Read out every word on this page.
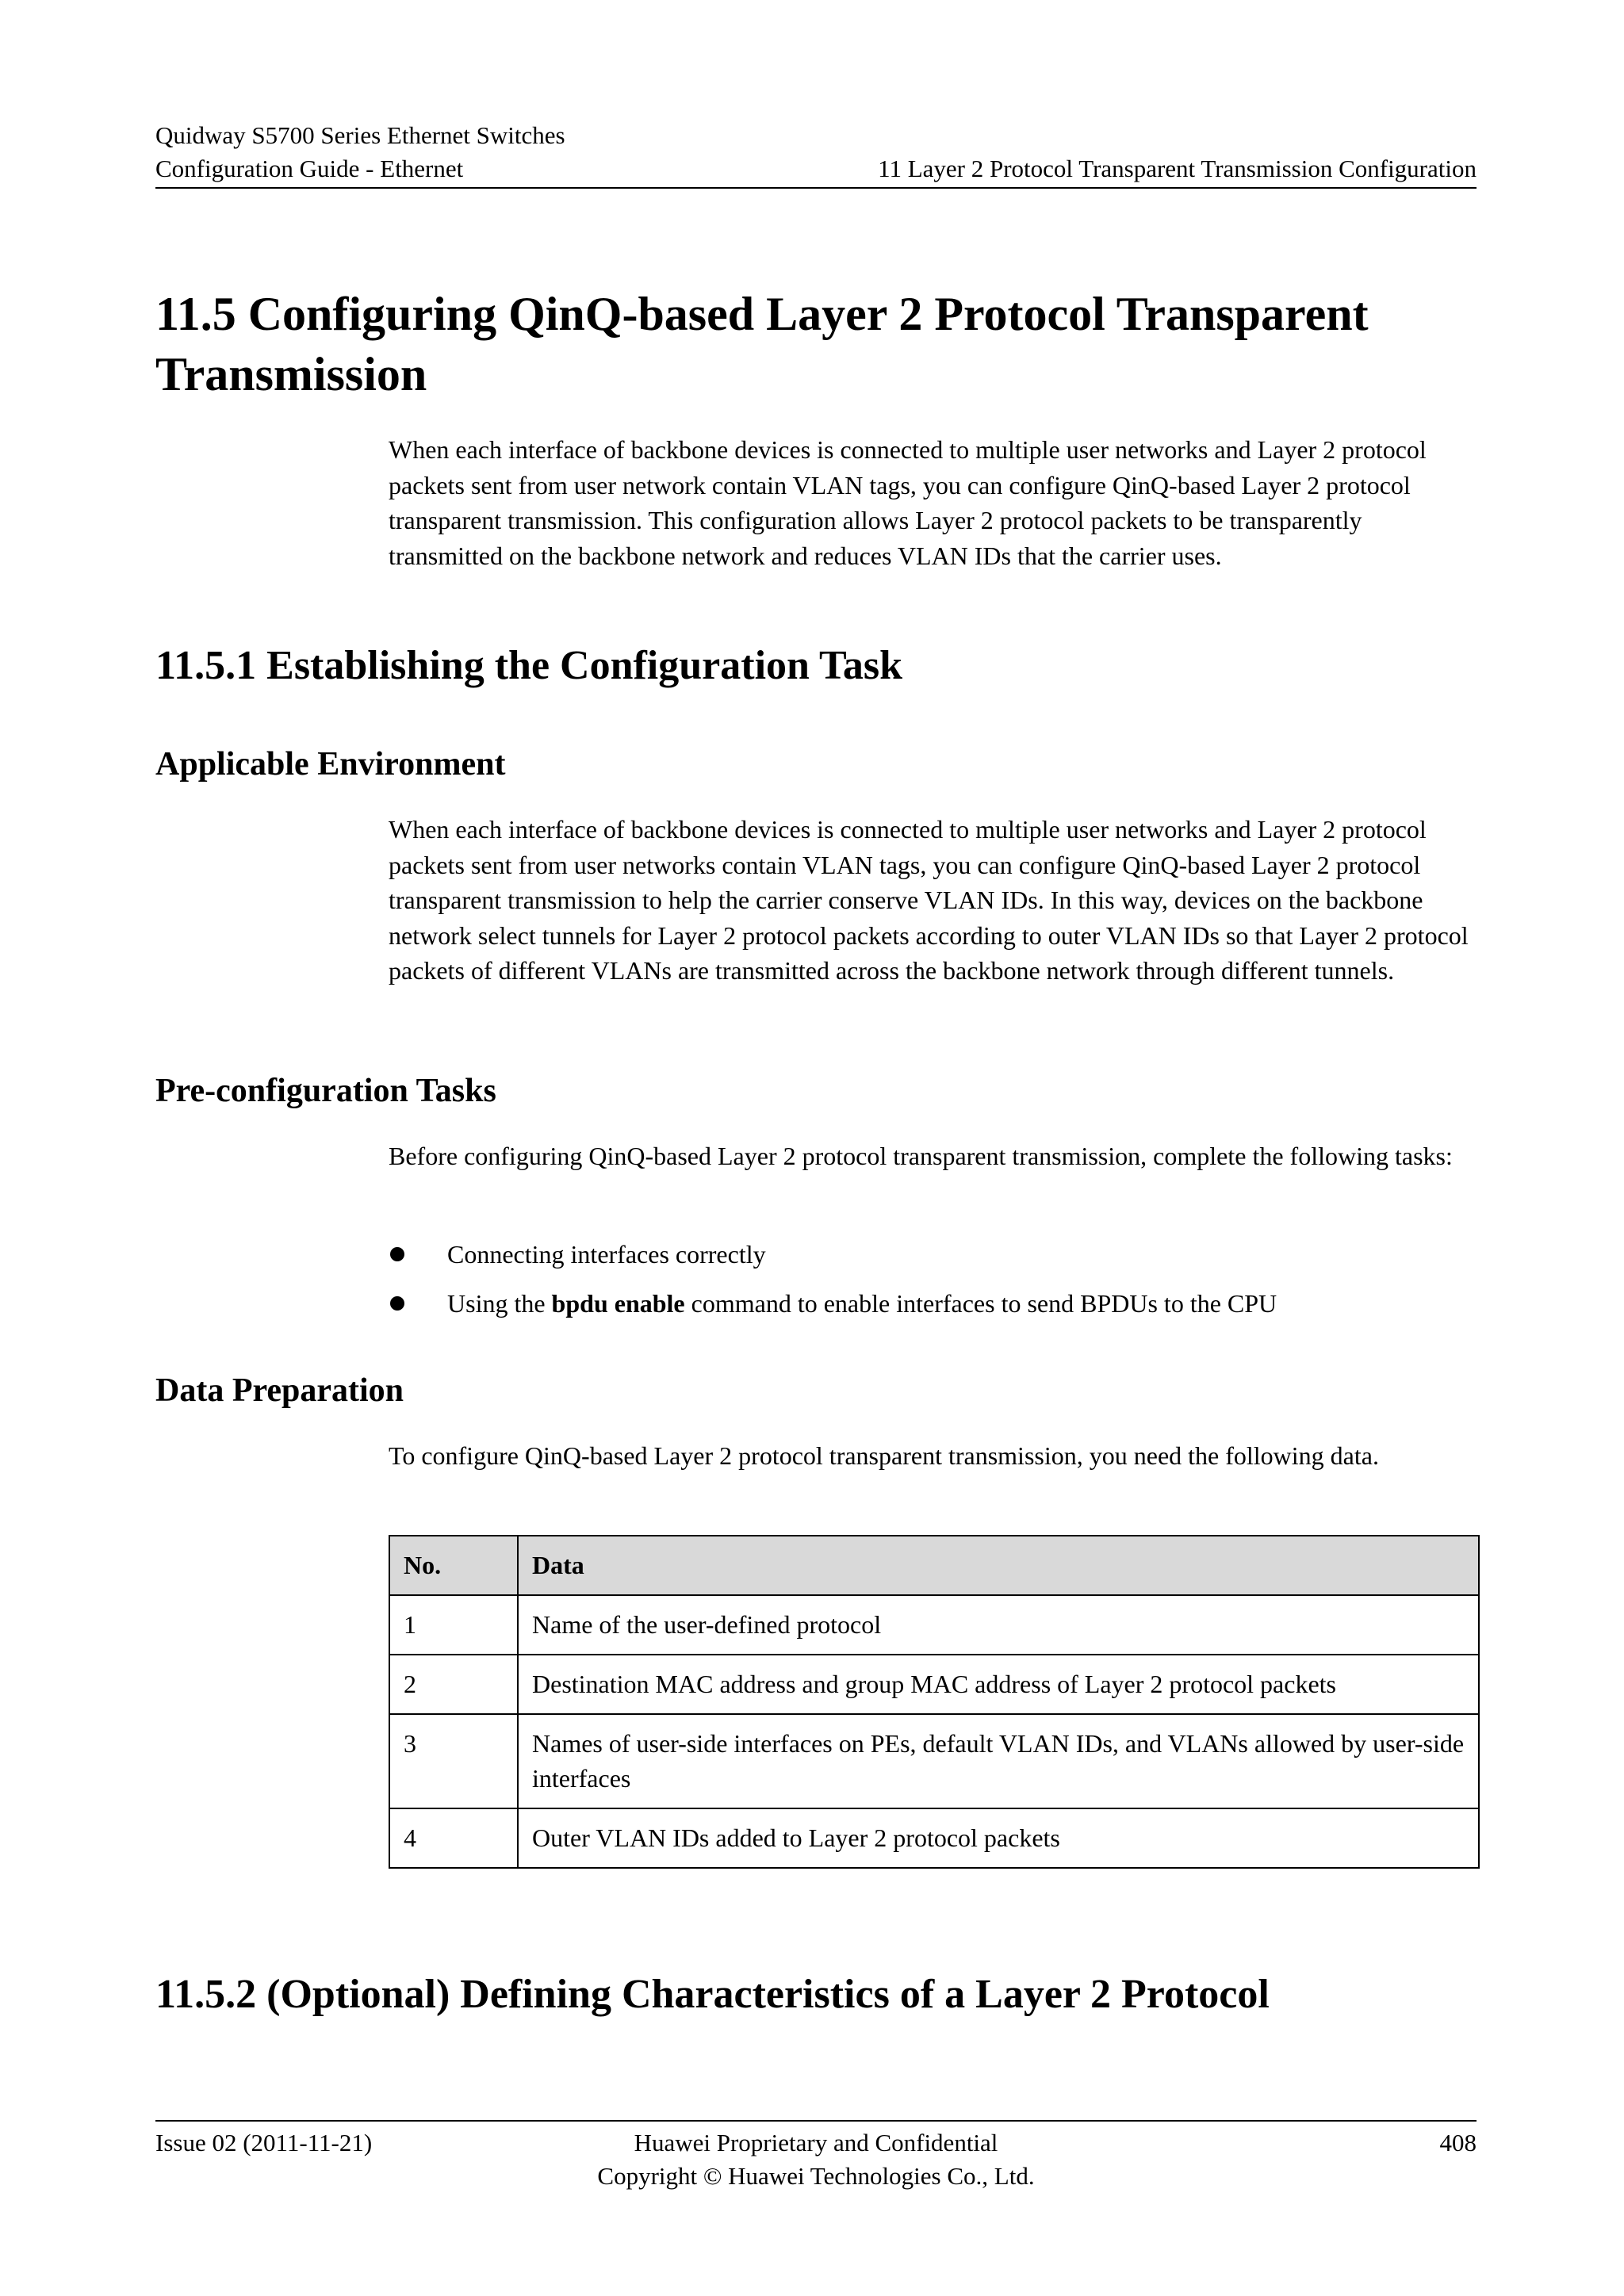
Quidway S5700 Series Ethernet Switches
Configuration Guide - Ethernet	11 Layer 2 Protocol Transparent Transmission Configuration
11.5 Configuring QinQ-based Layer 2 Protocol Transparent Transmission

When each interface of backbone devices is connected to multiple user networks and Layer 2 protocol packets sent from user network contain VLAN tags, you can configure QinQ-based Layer 2 protocol transparent transmission. This configuration allows Layer 2 protocol packets to be transparently transmitted on the backbone network and reduces VLAN IDs that the carrier uses.

11.5.1 Establishing the Configuration Task
Applicable Environment

When each interface of backbone devices is connected to multiple user networks and Layer 2 protocol packets sent from user networks contain VLAN tags, you can configure QinQ-based Layer 2 protocol transparent transmission to help the carrier conserve VLAN IDs. In this way, devices on the backbone network select tunnels for Layer 2 protocol packets according to outer VLAN IDs so that Layer 2 protocol packets of different VLANs are transmitted across the backbone network through different tunnels.

Pre-configuration Tasks

Before configuring QinQ-based Layer 2 protocol transparent transmission, complete the following tasks:

Connecting interfaces correctly
Using the bpdu enable command to enable interfaces to send BPDUs to the CPU
Data Preparation

To configure QinQ-based Layer 2 protocol transparent transmission, you need the following data.

No.	Data
1	Name of the user-defined protocol
2	Destination MAC address and group MAC address of Layer 2 protocol packets
3	Names of user-side interfaces on PEs, default VLAN IDs, and VLANs allowed by user-side interfaces
4	Outer VLAN IDs added to Layer 2 protocol packets
11.5.2 (Optional) Defining Characteristics of a Layer 2 Protocol
Issue 02 (2011-11-21)	408
Huawei Proprietary and Confidential
Copyright © Huawei Technologies Co., Ltd.
